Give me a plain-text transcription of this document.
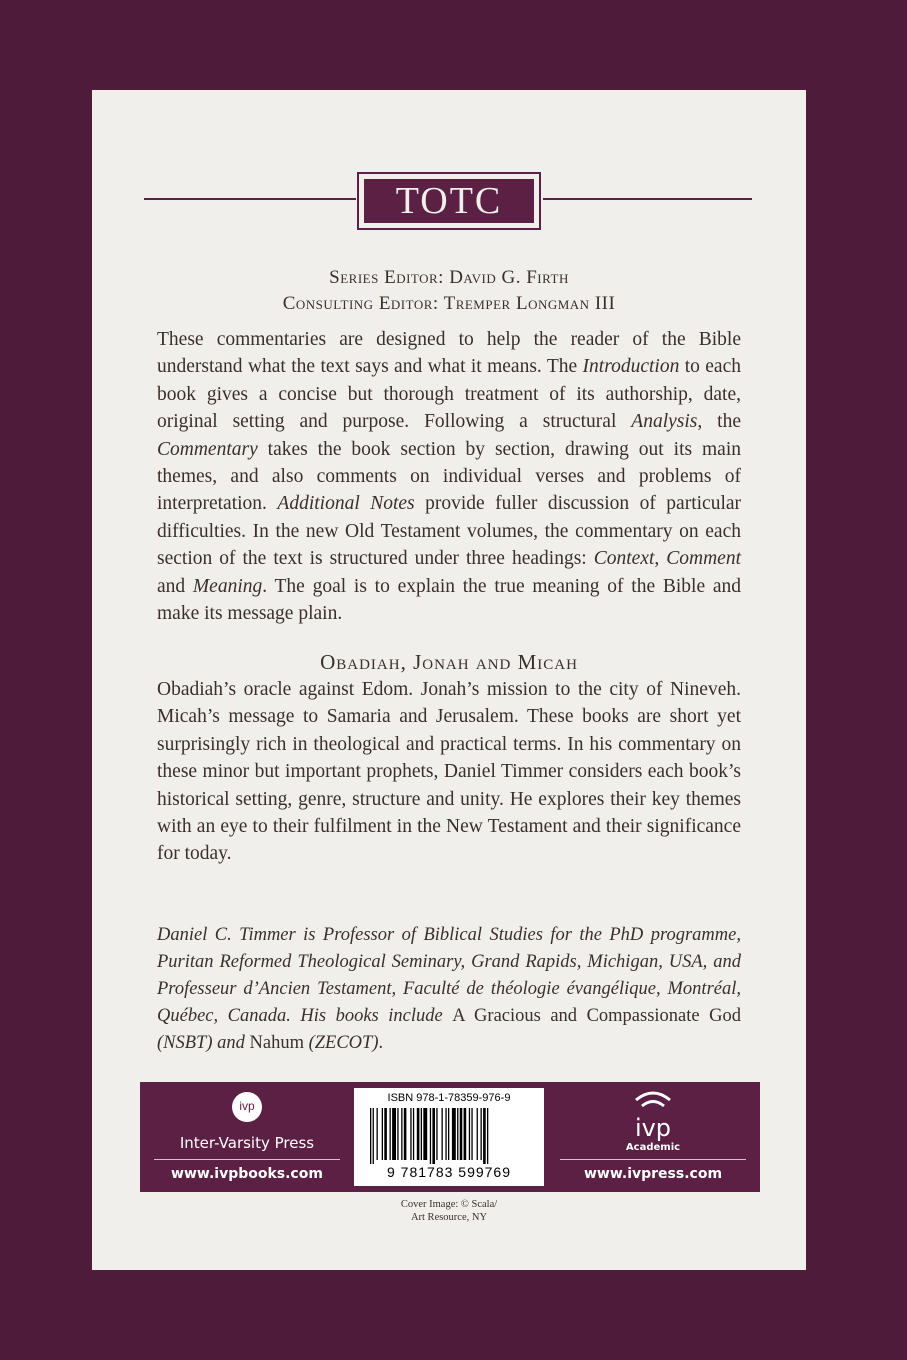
TOTC
Series Editor: David G. Firth
Consulting Editor: Tremper Longman III
These commentaries are designed to help the reader of the Bible understand what the text says and what it means. The Introduction to each book gives a concise but thorough treatment of its authorship, date, original setting and purpose. Following a structural Analysis, the Commentary takes the book section by section, drawing out its main themes, and also comments on individual verses and problems of interpretation. Additional Notes provide fuller discussion of particular difficulties. In the new Old Testament volumes, the commentary on each section of the text is structured under three headings: Context, Comment and Meaning. The goal is to explain the true meaning of the Bible and make its message plain.
Obadiah, Jonah and Micah
Obadiah’s oracle against Edom. Jonah’s mission to the city of Nineveh. Micah’s message to Samaria and Jerusalem. These books are short yet surprisingly rich in theological and practical terms. In his commentary on these minor but important prophets, Daniel Timmer considers each book’s historical setting, genre, structure and unity. He explores their key themes with an eye to their fulfilment in the New Testament and their significance for today.
Daniel C. Timmer is Professor of Biblical Studies for the PhD programme, Puritan Reformed Theological Seminary, Grand Rapids, Michigan, USA, and Professeur d’Ancien Testament, Faculté de théologie évangélique, Montréal, Québec, Canada. His books include A Gracious and Compassionate God (NSBT) and Nahum (ZECOT).
ivp
Inter-Varsity Press
www.ivpbooks.com
ISBN 978-1-78359-976-9
9 781783 599769
ivp
Academic
www.ivpress.com
Cover Image: © Scala/
Art Resource, NY
